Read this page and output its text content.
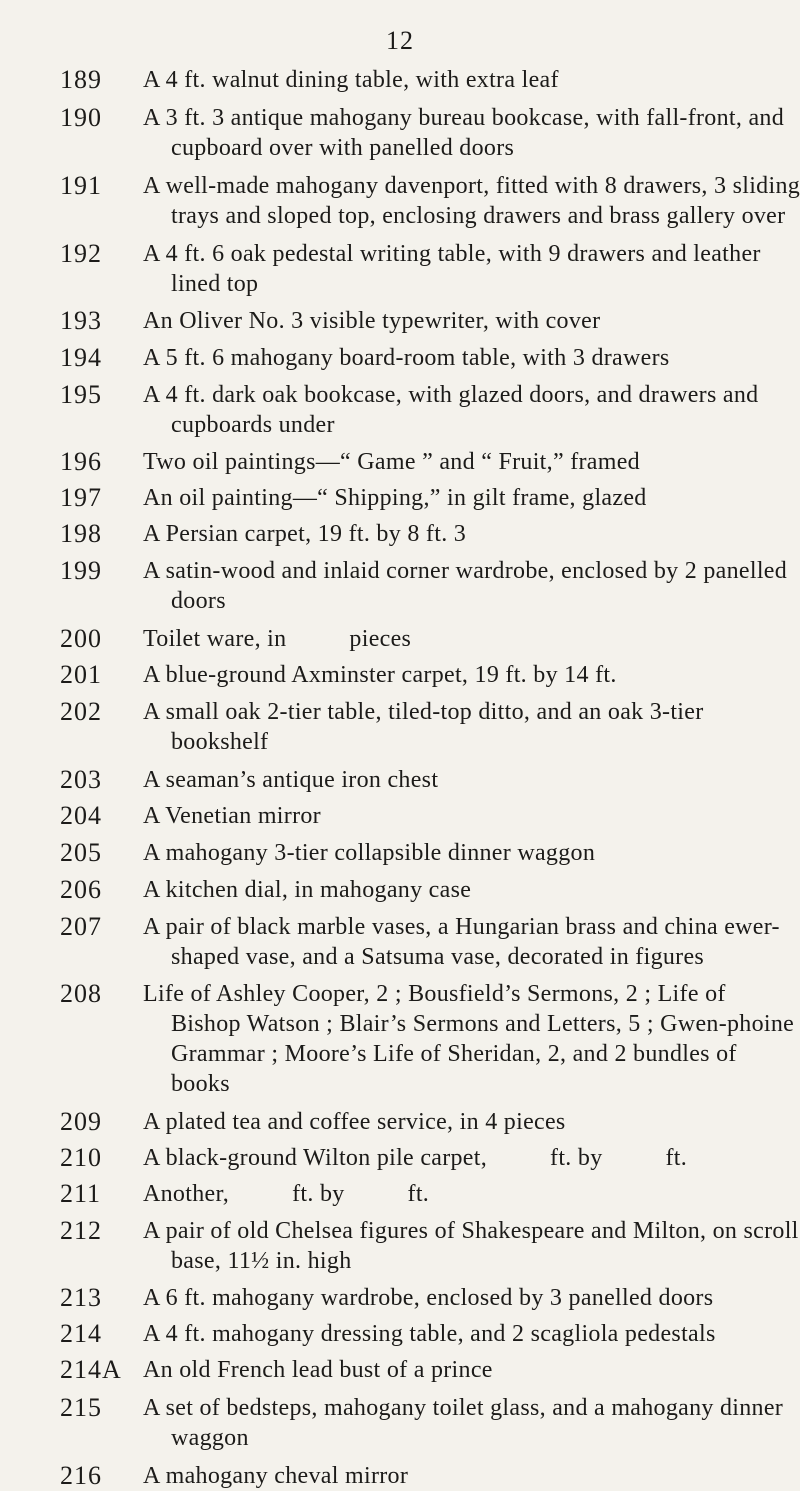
12
189 A 4 ft. walnut dining table, with extra leaf
190 A 3 ft. 3 antique mahogany bureau bookcase, with fall-front, and cupboard over with panelled doors
191 A well-made mahogany davenport, fitted with 8 drawers, 3 sliding trays and sloped top, enclosing drawers and brass gallery over
192 A 4 ft. 6 oak pedestal writing table, with 9 drawers and leather lined top
193 An Oliver No. 3 visible typewriter, with cover
194 A 5 ft. 6 mahogany board-room table, with 3 drawers
195 A 4 ft. dark oak bookcase, with glazed doors, and drawers and cupboards under
196 Two oil paintings—“ Game ” and “ Fruit,” framed
197 An oil painting—“ Shipping,” in gilt frame, glazed
198 A Persian carpet, 19 ft. by 8 ft. 3
199 A satin-wood and inlaid corner wardrobe, enclosed by 2 panelled doors
200 Toilet ware, in          pieces
201 A blue-ground Axminster carpet, 19 ft. by 14 ft.
202 A small oak 2-tier table, tiled-top ditto, and an oak 3-tier bookshelf
203 A seaman’s antique iron chest
204 A Venetian mirror
205 A mahogany 3-tier collapsible dinner waggon
206 A kitchen dial, in mahogany case
207 A pair of black marble vases, a Hungarian brass and china ewer-shaped vase, and a Satsuma vase, decorated in figures
208 Life of Ashley Cooper, 2 ; Bousfield’s Sermons, 2 ; Life of Bishop Watson ; Blair’s Sermons and Letters, 5 ; Gwen-phoine Grammar ; Moore’s Life of Sheridan, 2, and 2 bundles of books
209 A plated tea and coffee service, in 4 pieces
210 A black-ground Wilton pile carpet,          ft. by          ft.
211 Another,          ft. by          ft.
212 A pair of old Chelsea figures of Shakespeare and Milton, on scroll base, 11½ in. high
213 A 6 ft. mahogany wardrobe, enclosed by 3 panelled doors
214 A 4 ft. mahogany dressing table, and 2 scagliola pedestals
214A An old French lead bust of a prince
215 A set of bedsteps, mahogany toilet glass, and a mahogany dinner waggon
216 A mahogany cheval mirror
